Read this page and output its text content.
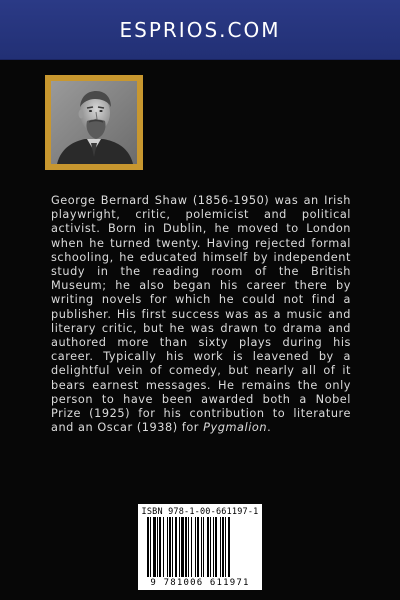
ESPRIOS.COM

George Bernard Shaw (1856-1950) was an Irish playwright, critic, polemicist and political activist. Born in Dublin, he moved to London when he turned twenty. Having rejected formal schooling, he educated himself by independent study in the reading room of the British Museum; he also began his career there by writing novels for which he could not find a publisher. His first success was as a music and literary critic, but he was drawn to drama and authored more than sixty plays during his career. Typically his work is leavened by a delightful vein of comedy, but nearly all of it bears earnest messages. He remains the only person to have been awarded both a Nobel Prize (1925) for his contribution to literature and an Oscar (1938) for Pygmalion.

ISBN 978-1-00-661197-1
9 781006 611971
